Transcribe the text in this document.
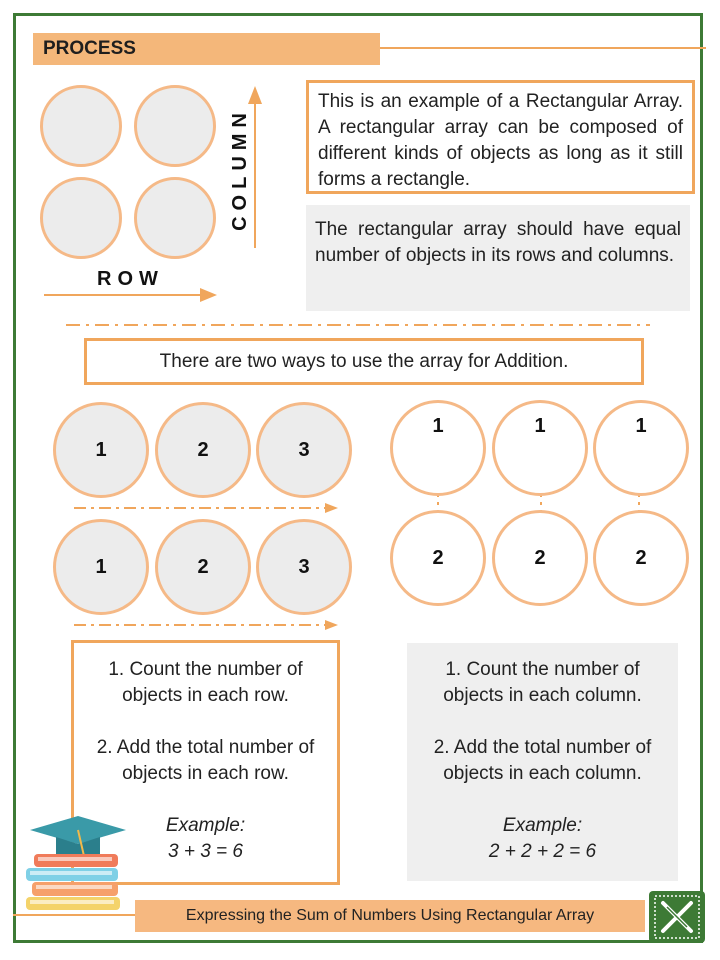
PROCESS
ROW
COLUMN

This is an example of a Rectangular Array. A rectangular array can be composed of different kinds of objects as long as it still forms a rectangle.

The rectangular array should have equal number of objects in its rows and columns.

There are two ways to use the array for Addition.
1	2	3
1	2	3
1	1	1
2	2	2

1. Count the number of objects in each row.

2. Add the total number of objects in each row.

Example:

3 + 3 = 6

1. Count the number of objects in each column.

2. Add the total number of objects in each column.

Example:

2 + 2 + 2 = 6

Expressing the Sum of Numbers Using Rectangular Array
